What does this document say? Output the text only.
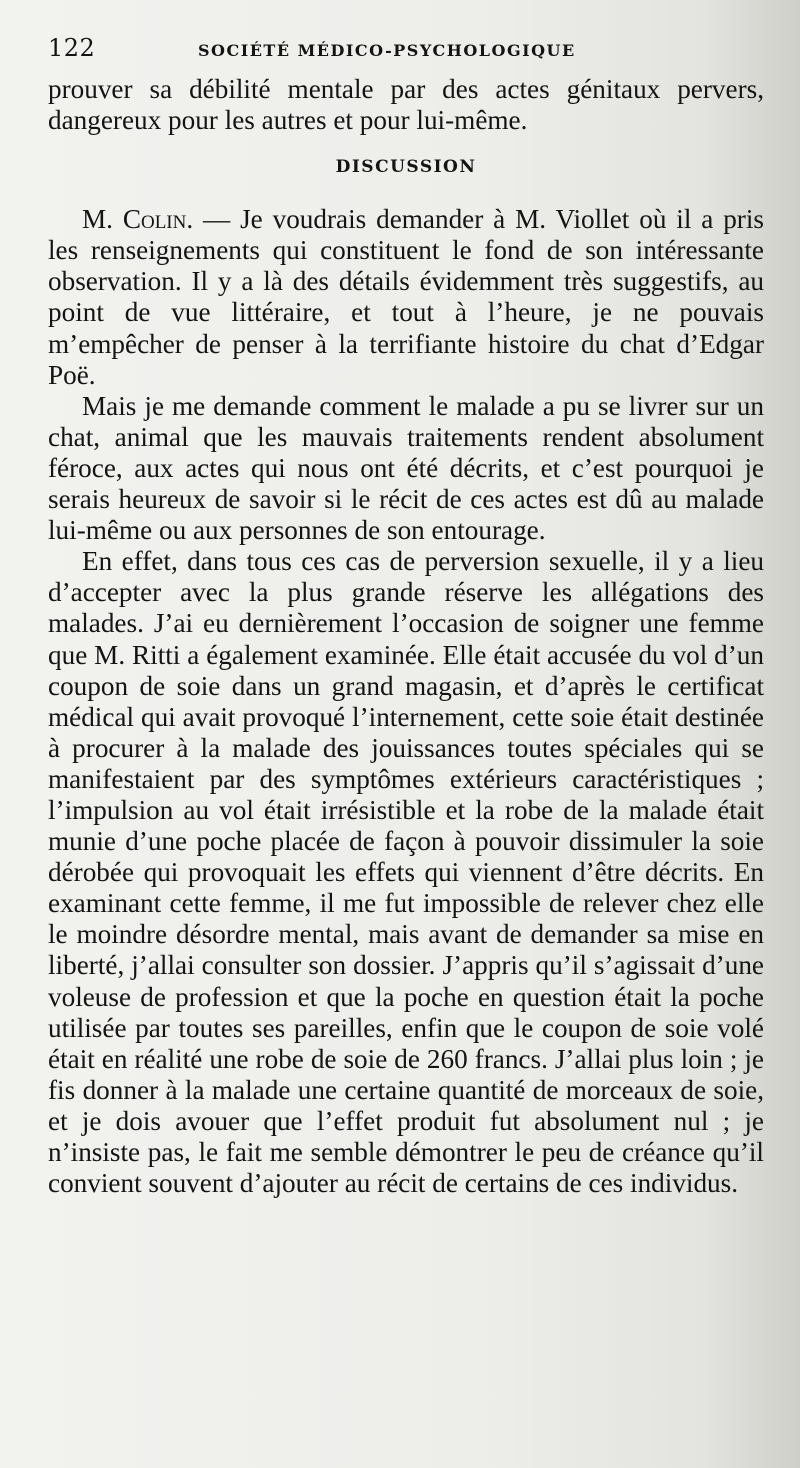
122	SOCIÉTÉ MÉDICO-PSYCHOLOGIQUE

prouver sa débilité mentale par des actes génitaux pervers, dangereux pour les autres et pour lui-même.

DISCUSSION

M. Colin. — Je voudrais demander à M. Viollet où il a pris les renseignements qui constituent le fond de son intéressante observation. Il y a là des détails évidemment très suggestifs, au point de vue littéraire, et tout à l’heure, je ne pouvais m’empêcher de penser à la terrifiante histoire du chat d’Edgar Poë.

Mais je me demande comment le malade a pu se livrer sur un chat, animal que les mauvais traitements rendent absolument féroce, aux actes qui nous ont été décrits, et c’est pourquoi je serais heureux de savoir si le récit de ces actes est dû au malade lui-même ou aux personnes de son entourage.

En effet, dans tous ces cas de perversion sexuelle, il y a lieu d’accepter avec la plus grande réserve les allégations des malades. J’ai eu dernièrement l’occasion de soigner une femme que M. Ritti a également examinée. Elle était accusée du vol d’un coupon de soie dans un grand magasin, et d’après le certificat médical qui avait provoqué l’internement, cette soie était destinée à procurer à la malade des jouissances toutes spéciales qui se manifestaient par des symptômes extérieurs caractéristiques ; l’impulsion au vol était irrésistible et la robe de la malade était munie d’une poche placée de façon à pouvoir dissimuler la soie dérobée qui provoquait les effets qui viennent d’être décrits. En examinant cette femme, il me fut impossible de relever chez elle le moindre désordre mental, mais avant de demander sa mise en liberté, j’allai consulter son dossier. J’appris qu’il s’agissait d’une voleuse de profession et que la poche en question était la poche utilisée par toutes ses pareilles, enfin que le coupon de soie volé était en réalité une robe de soie de 260 francs. J’allai plus loin ; je fis donner à la malade une certaine quantité de morceaux de soie, et je dois avouer que l’effet produit fut absolument nul ; je n’insiste pas, le fait me semble démontrer le peu de créance qu’il convient souvent d’ajouter au récit de certains de ces individus.
